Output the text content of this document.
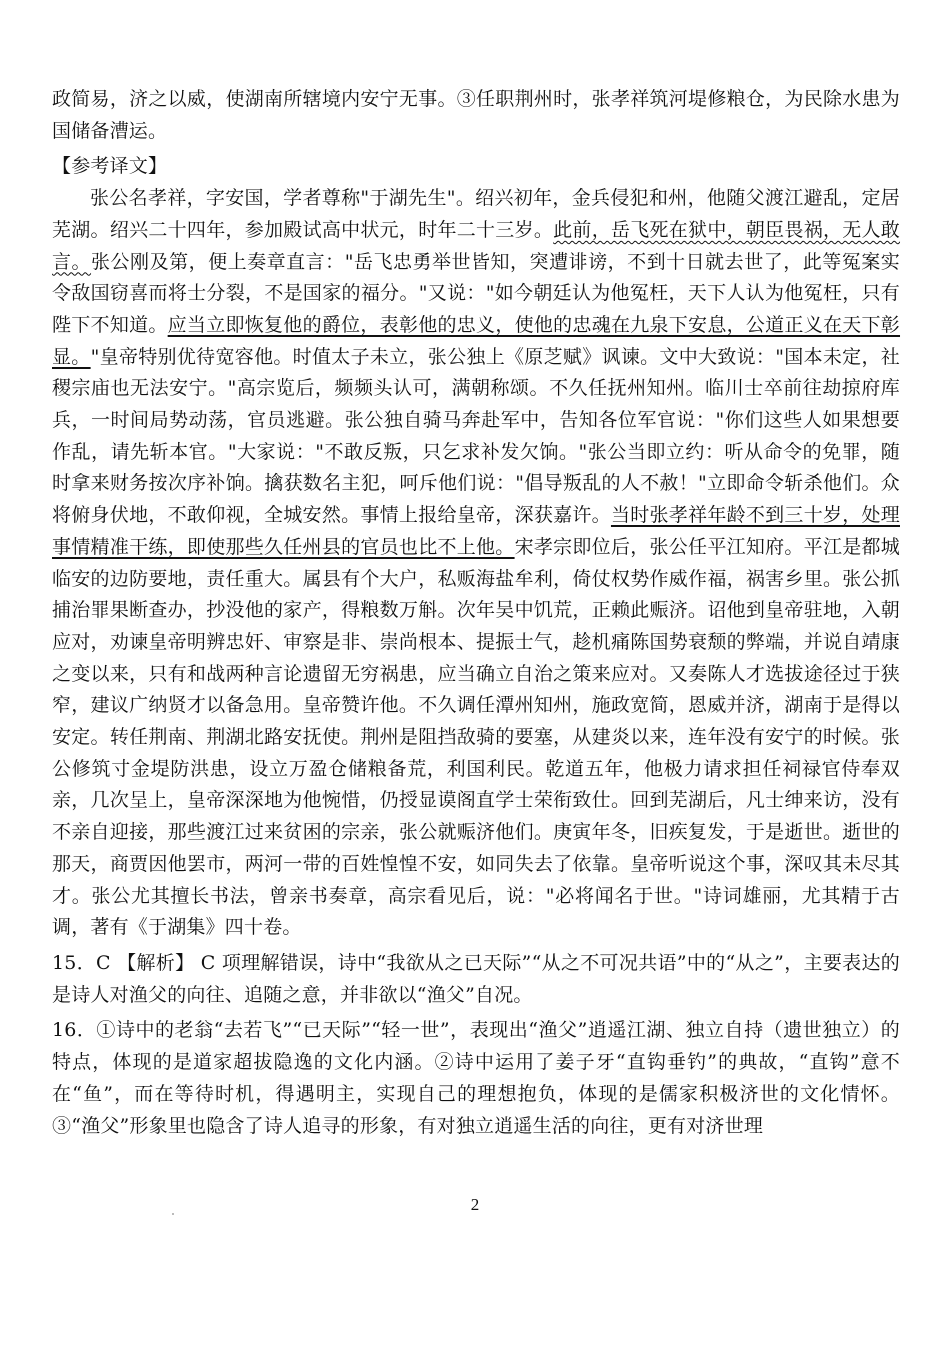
政简易，济之以威，使湖南所辖境内安宁无事。③任职荆州时，张孝祥筑河堤修粮仓，为民除水患为国储备漕运。

【参考译文】

张公名孝祥，字安国，学者尊称"于湖先生"。绍兴初年，金兵侵犯和州，他随父渡江避乱，定居芜湖。绍兴二十四年，参加殿试高中状元，时年二十三岁。此前，岳飞死在狱中，朝臣畏祸，无人敢言。张公刚及第，便上奏章直言："岳飞忠勇举世皆知，突遭诽谤，不到十日就去世了，此等冤案实令敌国窃喜而将士分裂，不是国家的福分。"又说："如今朝廷认为他冤枉，天下人认为他冤枉，只有陛下不知道。应当立即恢复他的爵位，表彰他的忠义，使他的忠魂在九泉下安息，公道正义在天下彰显。"皇帝特别优待宽容他。时值太子未立，张公独上《原芝赋》讽谏。文中大致说："国本未定，社稷宗庙也无法安宁。"高宗览后，频频头认可，满朝称颂。不久任抚州知州。临川士卒前往劫掠府库兵，一时间局势动荡，官员逃避。张公独自骑马奔赴军中，告知各位军官说："你们这些人如果想要作乱，请先斩本官。"大家说："不敢反叛，只乞求补发欠饷。"张公当即立约：听从命令的免罪，随时拿来财务按次序补饷。擒获数名主犯，呵斥他们说："倡导叛乱的人不赦！"立即命令斩杀他们。众将俯身伏地，不敢仰视，全城安然。事情上报给皇帝，深获嘉许。当时张孝祥年龄不到三十岁，处理事情精准干练，即使那些久任州县的官员也比不上他。宋孝宗即位后，张公任平江知府。平江是都城临安的边防要地，责任重大。属县有个大户，私贩海盐牟利，倚仗权势作威作福，祸害乡里。张公抓捕治罪果断查办，抄没他的家产，得粮数万斛。次年吴中饥荒，正赖此赈济。诏他到皇帝驻地，入朝应对，劝谏皇帝明辨忠奸、审察是非、崇尚根本、提振士气，趁机痛陈国势衰颓的弊端，并说自靖康之变以来，只有和战两种言论遗留无穷祸患，应当确立自治之策来应对。又奏陈人才选拔途径过于狭窄，建议广纳贤才以备急用。皇帝赞许他。不久调任潭州知州，施政宽简，恩威并济，湖南于是得以安定。转任荆南、荆湖北路安抚使。荆州是阻挡敌骑的要塞，从建炎以来，连年没有安宁的时候。张公修筑寸金堤防洪患，设立万盈仓储粮备荒，利国利民。乾道五年，他极力请求担任祠禄官侍奉双亲，几次呈上，皇帝深深地为他惋惜，仍授显谟阁直学士荣衔致仕。回到芜湖后，凡士绅来访，没有不亲自迎接，那些渡江过来贫困的宗亲，张公就赈济他们。庚寅年冬，旧疾复发，于是逝世。逝世的那天，商贾因他罢市，两河一带的百姓惶惶不安，如同失去了依靠。皇帝听说这个事，深叹其未尽其才。张公尤其擅长书法，曾亲书奏章，高宗看见后，说："必将闻名于世。"诗词雄丽，尤其精于古调，著有《于湖集》四十卷。

15．C 【解析】 C 项理解错误，诗中“我欲从之已天际”“从之不可况共语”中的“从之”，主要表达的是诗人对渔父的向往、追随之意，并非欲以“渔父”自况。

16．①诗中的老翁“去若飞”“已天际”“轻一世”，表现出“渔父”逍遥江湖、独立自持（遗世独立）的特点，体现的是道家超拔隐逸的文化内涵。②诗中运用了姜子牙“直钩垂钓”的典故，“直钩”意不在“鱼”，而在等待时机，得遇明主，实现自己的理想抱负，体现的是儒家积极济世的文化情怀。③“渔父”形象里也隐含了诗人追寻的形象，有对独立逍遥生活的向往，更有对济世理

2
